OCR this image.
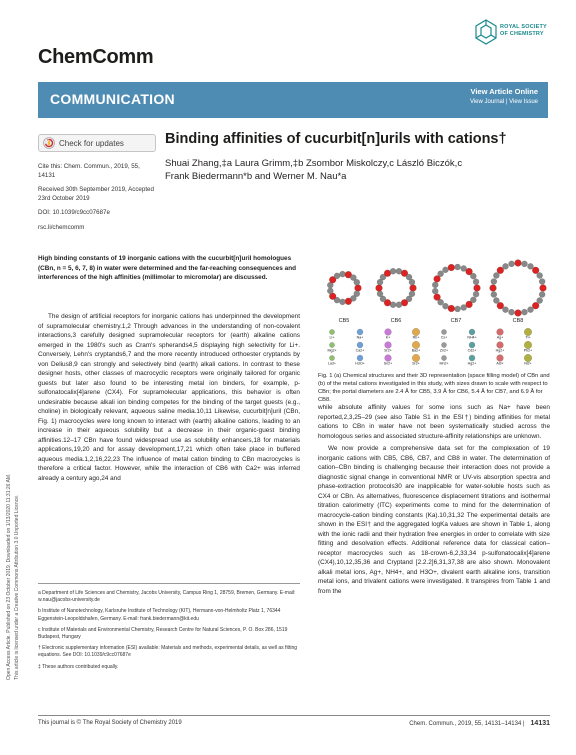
ChemComm
ROYAL SOCIETY
OF CHEMISTRY
COMMUNICATION	View Article Online
View Journal | View Issue
Check for updates	Binding affinities of cucurbit[n]urils with cations†
Shuai Zhang,‡a Laura Grimm,‡b Zsombor Miskolczy,c László Biczók,c
Frank Biedermann*b and Werner M. Nau*a

Cite this: Chem. Commun., 2019, 55, 14131

Received 30th September 2019, Accepted 23rd October 2019

DOI: 10.1039/c9cc07687e

rsc.li/chemcomm

Open Access Article. Published on 23 October 2019. Downloaded on 1/13/2020 11:31:26 AM. This article is licensed under a Creative Commons Attribution 3.0 Unported Licence.
High binding constants of 19 inorganic cations with the cucurbit[n]uril homologues (CBn, n = 5, 6, 7, 8) in water were determined and the far-reaching consequences and interferences of the high affinities (millimolar to micromolar) are discussed.
CB5	CB6	CB7	CB8
Li+	Na+	K+	Rb+	Cs+	NH4+	Ag+	Tl+
Mg2+	Ca2+	Sr2+	Ba2+	Zn2+	Cd2+	Hg2+	Pb2+
La3+	H3O+	Sn2+	Sr2+	Mn2+	Hg2+	Al3+	Ni2+
Fig. 1 (a) Chemical structures and their 3D representation (space filling model) of CBn and (b) of the metal cations investigated in this study, with sizes drawn to scale with respect to CBn; the portal diameters are 2.4 Å for CB5, 3.9 Å for CB6, 5.4 Å for CB7, and 6.9 Å for CB8.

The design of artificial receptors for inorganic cations has underpinned the development of supramolecular chemistry.1,2 Through advances in the understanding of non-covalent interactions,3 carefully designed supramolecular receptors for (earth) alkaline cations emerged in the 1980's such as Cram's spherands4,5 displaying high selectivity for Li+. Conversely, Lehn's cryptands6,7 and the more recently introduced orthoester cryptands by von Delius8,9 can strongly and selectively bind (earth) alkali cations. In contrast to these designer hosts, other classes of macrocyclic receptors were originally tailored for organic guests but later also found to be interesting metal ion binders, for example, p-sulfonatocalix[4]arene (CX4). For supramolecular applications, this behavior is often undesirable because alkali ion binding competes for the binding of the target guests (e.g., choline) in biologically relevant, aqueous saline media.10,11 Likewise, cucurbit[n]uril (CBn, Fig. 1) macrocycles were long known to interact with (earth) alkaline cations, leading to an increase in their aqueous solubility but a decrease in their organic-guest binding affinities.12–17 CBn have found widespread use as solubility enhancers,18 for materials applications,19,20 and for assay development,17,21 which often take place in buffered aqueous media.1,2,16,22,23 The influence of metal cation binding to CBn macrocycles is therefore a critical factor. However, while the interaction of CB6 with Ca2+ was inferred already a century ago,24 and

while absolute affinity values for some ions such as Na+ have been reported,2,3,25–29 (see also Table S1 in the ESI†) binding affinities for metal cations to CBn in water have not been systematically studied across the homologous series and associated structure-affinity relationships are unknown.

We now provide a comprehensive data set for the complexation of 19 inorganic cations with CB5, CB6, CB7, and CB8 in water. The determination of cation–CBn binding is challenging because their interaction does not provide a diagnostic signal change in conventional NMR or UV-vis absorption spectra and phase-extraction protocols30 are inapplicable for water-soluble hosts such as CX4 or CBn. As alternatives, fluorescence displacement titrations and isothermal titration calorimetry (ITC) experiments come to mind for the determination of macrocycle-cation binding constants (Ka).10,31,32 The experimental details are shown in the ESI† and the aggregated logKa values are shown in Table 1, along with the ionic radii and their hydration free energies in order to correlate with size fitting and desolvation effects. Additional reference data for classical cation–receptor macrocycles such as 18-crown-6,2,33,34 p-sulfonatocalix[4]arene (CX4),10,12,35,36 and Cryptand [2.2.2]6,31,37,38 are also shown. Monovalent alkali metal ions, Ag+, NH4+, and H3O+, divalent earth alkaline ions, transition metal ions, and trivalent cations were investigated. It transpires from Table 1 and from the

a Department of Life Sciences and Chemistry, Jacobs University, Campus Ring 1, 28759, Bremen, Germany. E-mail: w.nau@jacobs-university.de

b Institute of Nanotechnology, Karlsruhe Institute of Technology (KIT), Hermann-von-Helmholtz Platz 1, 76344 Eggenstein-Leopoldshafen, Germany. E-mail: frank.biedermann@kit.edu

c Institute of Materials and Environmental Chemistry, Research Centre for Natural Sciences, P. O. Box 286, 1519 Budapest, Hungary

† Electronic supplementary information (ESI) available: Materials and methods, experimental details, as well as fitting equations. See DOI: 10.1039/c9cc07687e

‡ These authors contributed equally.

This journal is © The Royal Society of Chemistry 2019	Chem. Commun., 2019, 55, 14131–14134 | 14131
